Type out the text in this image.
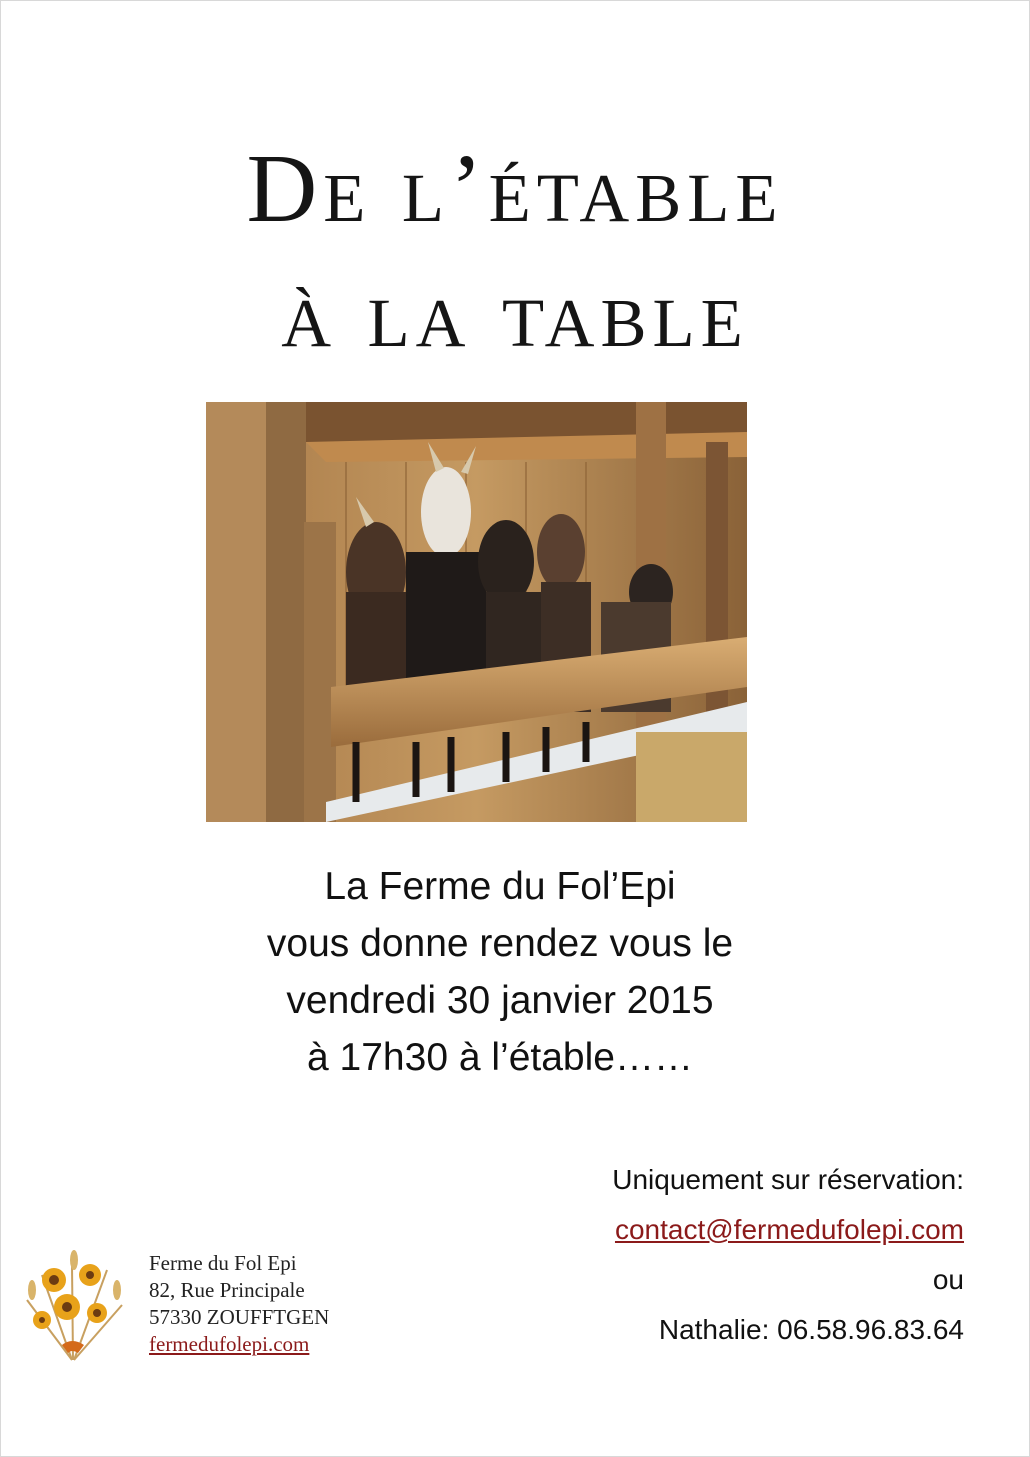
De l’étable
à la table
La Ferme du Fol’Epi
vous donne rendez vous le
vendredi 30 janvier 2015
à 17h30 à l’étable……
Uniquement sur réservation:
contact@fermedufolepi.com
ou
Nathalie: 06.58.96.83.64
Ferme du Fol Epi
82, Rue Principale
57330 ZOUFFTGEN
fermedufolepi.com
